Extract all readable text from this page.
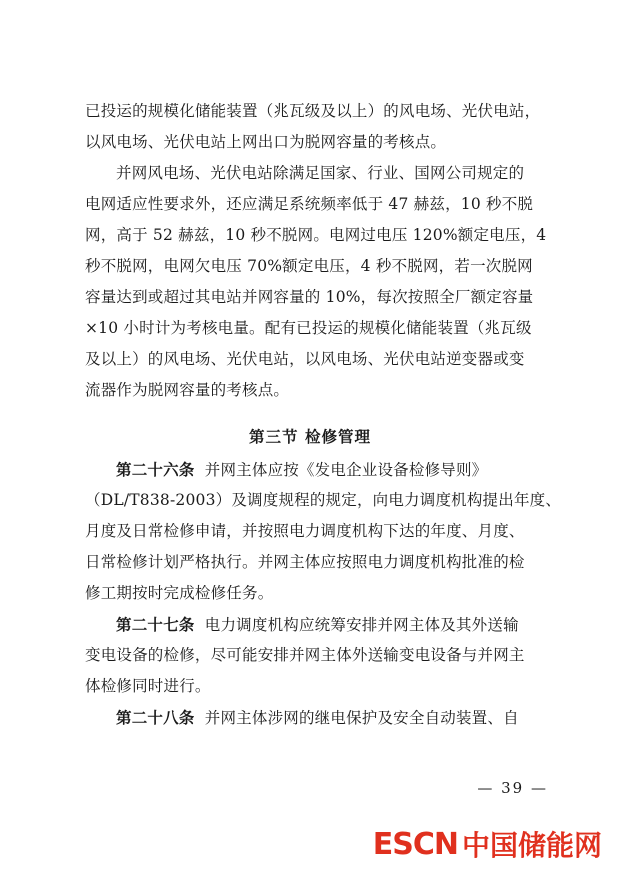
已投运的规模化储能装置（兆瓦级及以上）的风电场、光伏电站，
以风电场、光伏电站上网出口为脱网容量的考核点。
并网风电场、光伏电站除满足国家、行业、国网公司规定的
电网适应性要求外，还应满足系统频率低于 47 赫兹，10 秒不脱
网，高于 52 赫兹，10 秒不脱网。电网过电压 120%额定电压，4
秒不脱网，电网欠电压 70%额定电压，4 秒不脱网，若一次脱网
容量达到或超过其电站并网容量的 10%，每次按照全厂额定容量
×10 小时计为考核电量。配有已投运的规模化储能装置（兆瓦级
及以上）的风电场、光伏电站，以风电场、光伏电站逆变器或变
流器作为脱网容量的考核点。
第三节 检修管理
第二十六条 并网主体应按《发电企业设备检修导则》
（DL/T838-2003）及调度规程的规定，向电力调度机构提出年度、
月度及日常检修申请，并按照电力调度机构下达的年度、月度、
日常检修计划严格执行。并网主体应按照电力调度机构批准的检
修工期按时完成检修任务。
第二十七条 电力调度机构应统筹安排并网主体及其外送输
变电设备的检修，尽可能安排并网主体外送输变电设备与并网主
体检修同时进行。
第二十八条 并网主体涉网的继电保护及安全自动装置、自
— 39 —
ESCN 中国储能网
